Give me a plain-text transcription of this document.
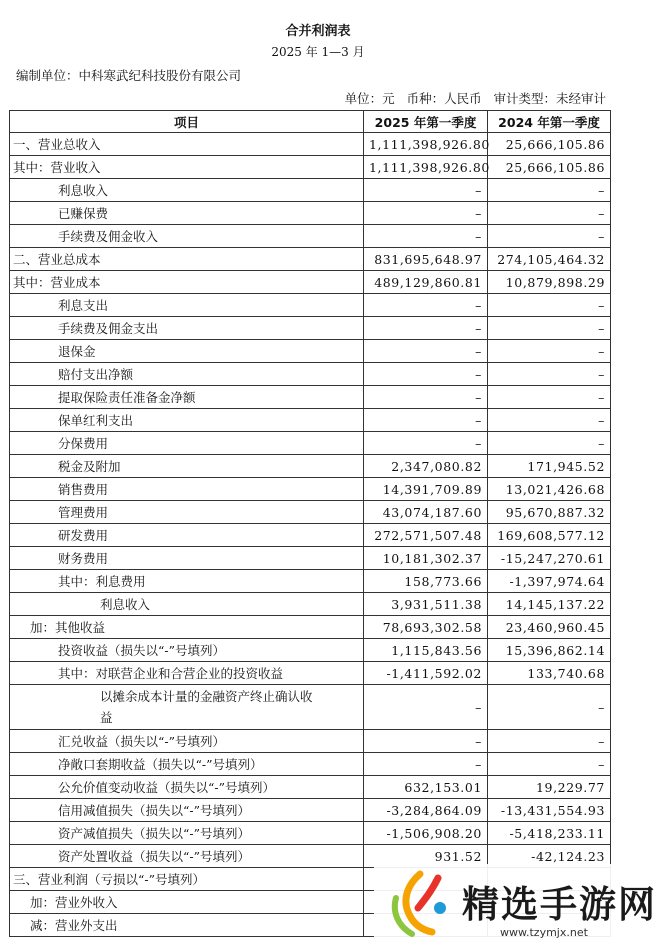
合并利润表
2025 年 1—3 月
编制单位：中科寒武纪科技股份有限公司
单位：元   币种：人民币   审计类型：未经审计
项目	2025 年第一季度	2024 年第一季度
一、营业总收入	1,111,398,926.80	25,666,105.86
其中：营业收入	1,111,398,926.80	25,666,105.86
利息收入	–	–
已赚保费	–	–
手续费及佣金收入	–	–
二、营业总成本	831,695,648.97	274,105,464.32
其中：营业成本	489,129,860.81	10,879,898.29
利息支出	–	–
手续费及佣金支出	–	–
退保金	–	–
赔付支出净额	–	–
提取保险责任准备金净额	–	–
保单红利支出	–	–
分保费用	–	–
税金及附加	2,347,080.82	171,945.52
销售费用	14,391,709.89	13,021,426.68
管理费用	43,074,187.60	95,670,887.32
研发费用	272,571,507.48	169,608,577.12
财务费用	10,181,302.37	-15,247,270.61
其中：利息费用	158,773.66	-1,397,974.64
利息收入	3,931,511.38	14,145,137.22
加：其他收益	78,693,302.58	23,460,960.45
投资收益（损失以“-”号填列）	1,115,843.56	15,396,862.14
其中：对联营企业和合营企业的投资收益	-1,411,592.02	133,740.68
以摊余成本计量的金融资产终止确认收益	–	–
汇兑收益（损失以“-”号填列）	–	–
净敞口套期收益（损失以“-”号填列）	–	–
公允价值变动收益（损失以“-”号填列）	632,153.01	19,229.77
信用减值损失（损失以“-”号填列）	-3,284,864.09	-13,431,554.93
资产减值损失（损失以“-”号填列）	-1,506,908.20	-5,418,233.11
资产处置收益（损失以“-”号填列）	931.52	-42,124.23
三、营业利润（亏损以“-”号填列）		
加：营业外收入		
减：营业外支出			精选手游网
www.tzymjx.net
